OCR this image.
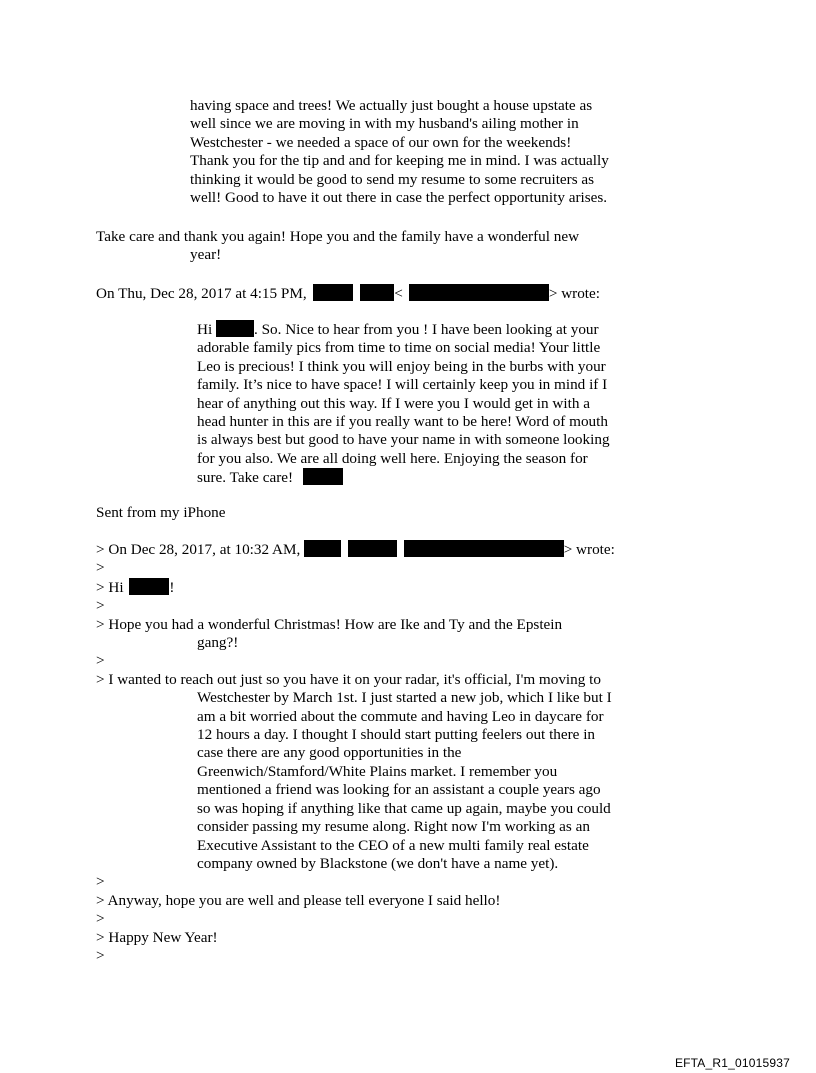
having space and trees! We actually just bought a house upstate as
well since we are moving in with my husband's ailing mother in
Westchester - we needed a space of our own for the weekends!
Thank you for the tip and and for keeping me in mind. I was actually
thinking it would be good to send my resume to some recruiters as
well! Good to have it out there in case the perfect opportunity arises.
Take care and thank you again! Hope you and the family have a wonderful new
year!
On Thu, Dec 28, 2017 at 4:15 PM,	<	> wrote:
Hi	. So. Nice to hear from you ! I have been looking at your
adorable family pics from time to time on social media! Your little
Leo is precious! I think you will enjoy being in the burbs with your
family. It’s nice to have space! I will certainly keep you in mind if I
hear of anything out this way. If I were you I would get in with a
head hunter in this are if you really want to be here! Word of mouth
is always best but good to have your name in with someone looking
for you also. We are all doing well here. Enjoying the season for
sure. Take care!
Sent from my iPhone
> On Dec 28, 2017, at 10:32 AM,	> wrote:
>
> Hi	!
>
> Hope you had a wonderful Christmas! How are Ike and Ty and the Epstein
gang?!
>
> I wanted to reach out just so you have it on your radar, it's official, I'm moving to
Westchester by March 1st. I just started a new job, which I like but I
am a bit worried about the commute and having Leo in daycare for
12 hours a day. I thought I should start putting feelers out there in
case there are any good opportunities in the
Greenwich/Stamford/White Plains market. I remember you
mentioned a friend was looking for an assistant a couple years ago
so was hoping if anything like that came up again, maybe you could
consider passing my resume along. Right now I'm working as an
Executive Assistant to the CEO of a new multi family real estate
company owned by Blackstone (we don't have a name yet).
>
> Anyway, hope you are well and please tell everyone I said hello!
>
> Happy New Year!
>
EFTA_R1_01015937
